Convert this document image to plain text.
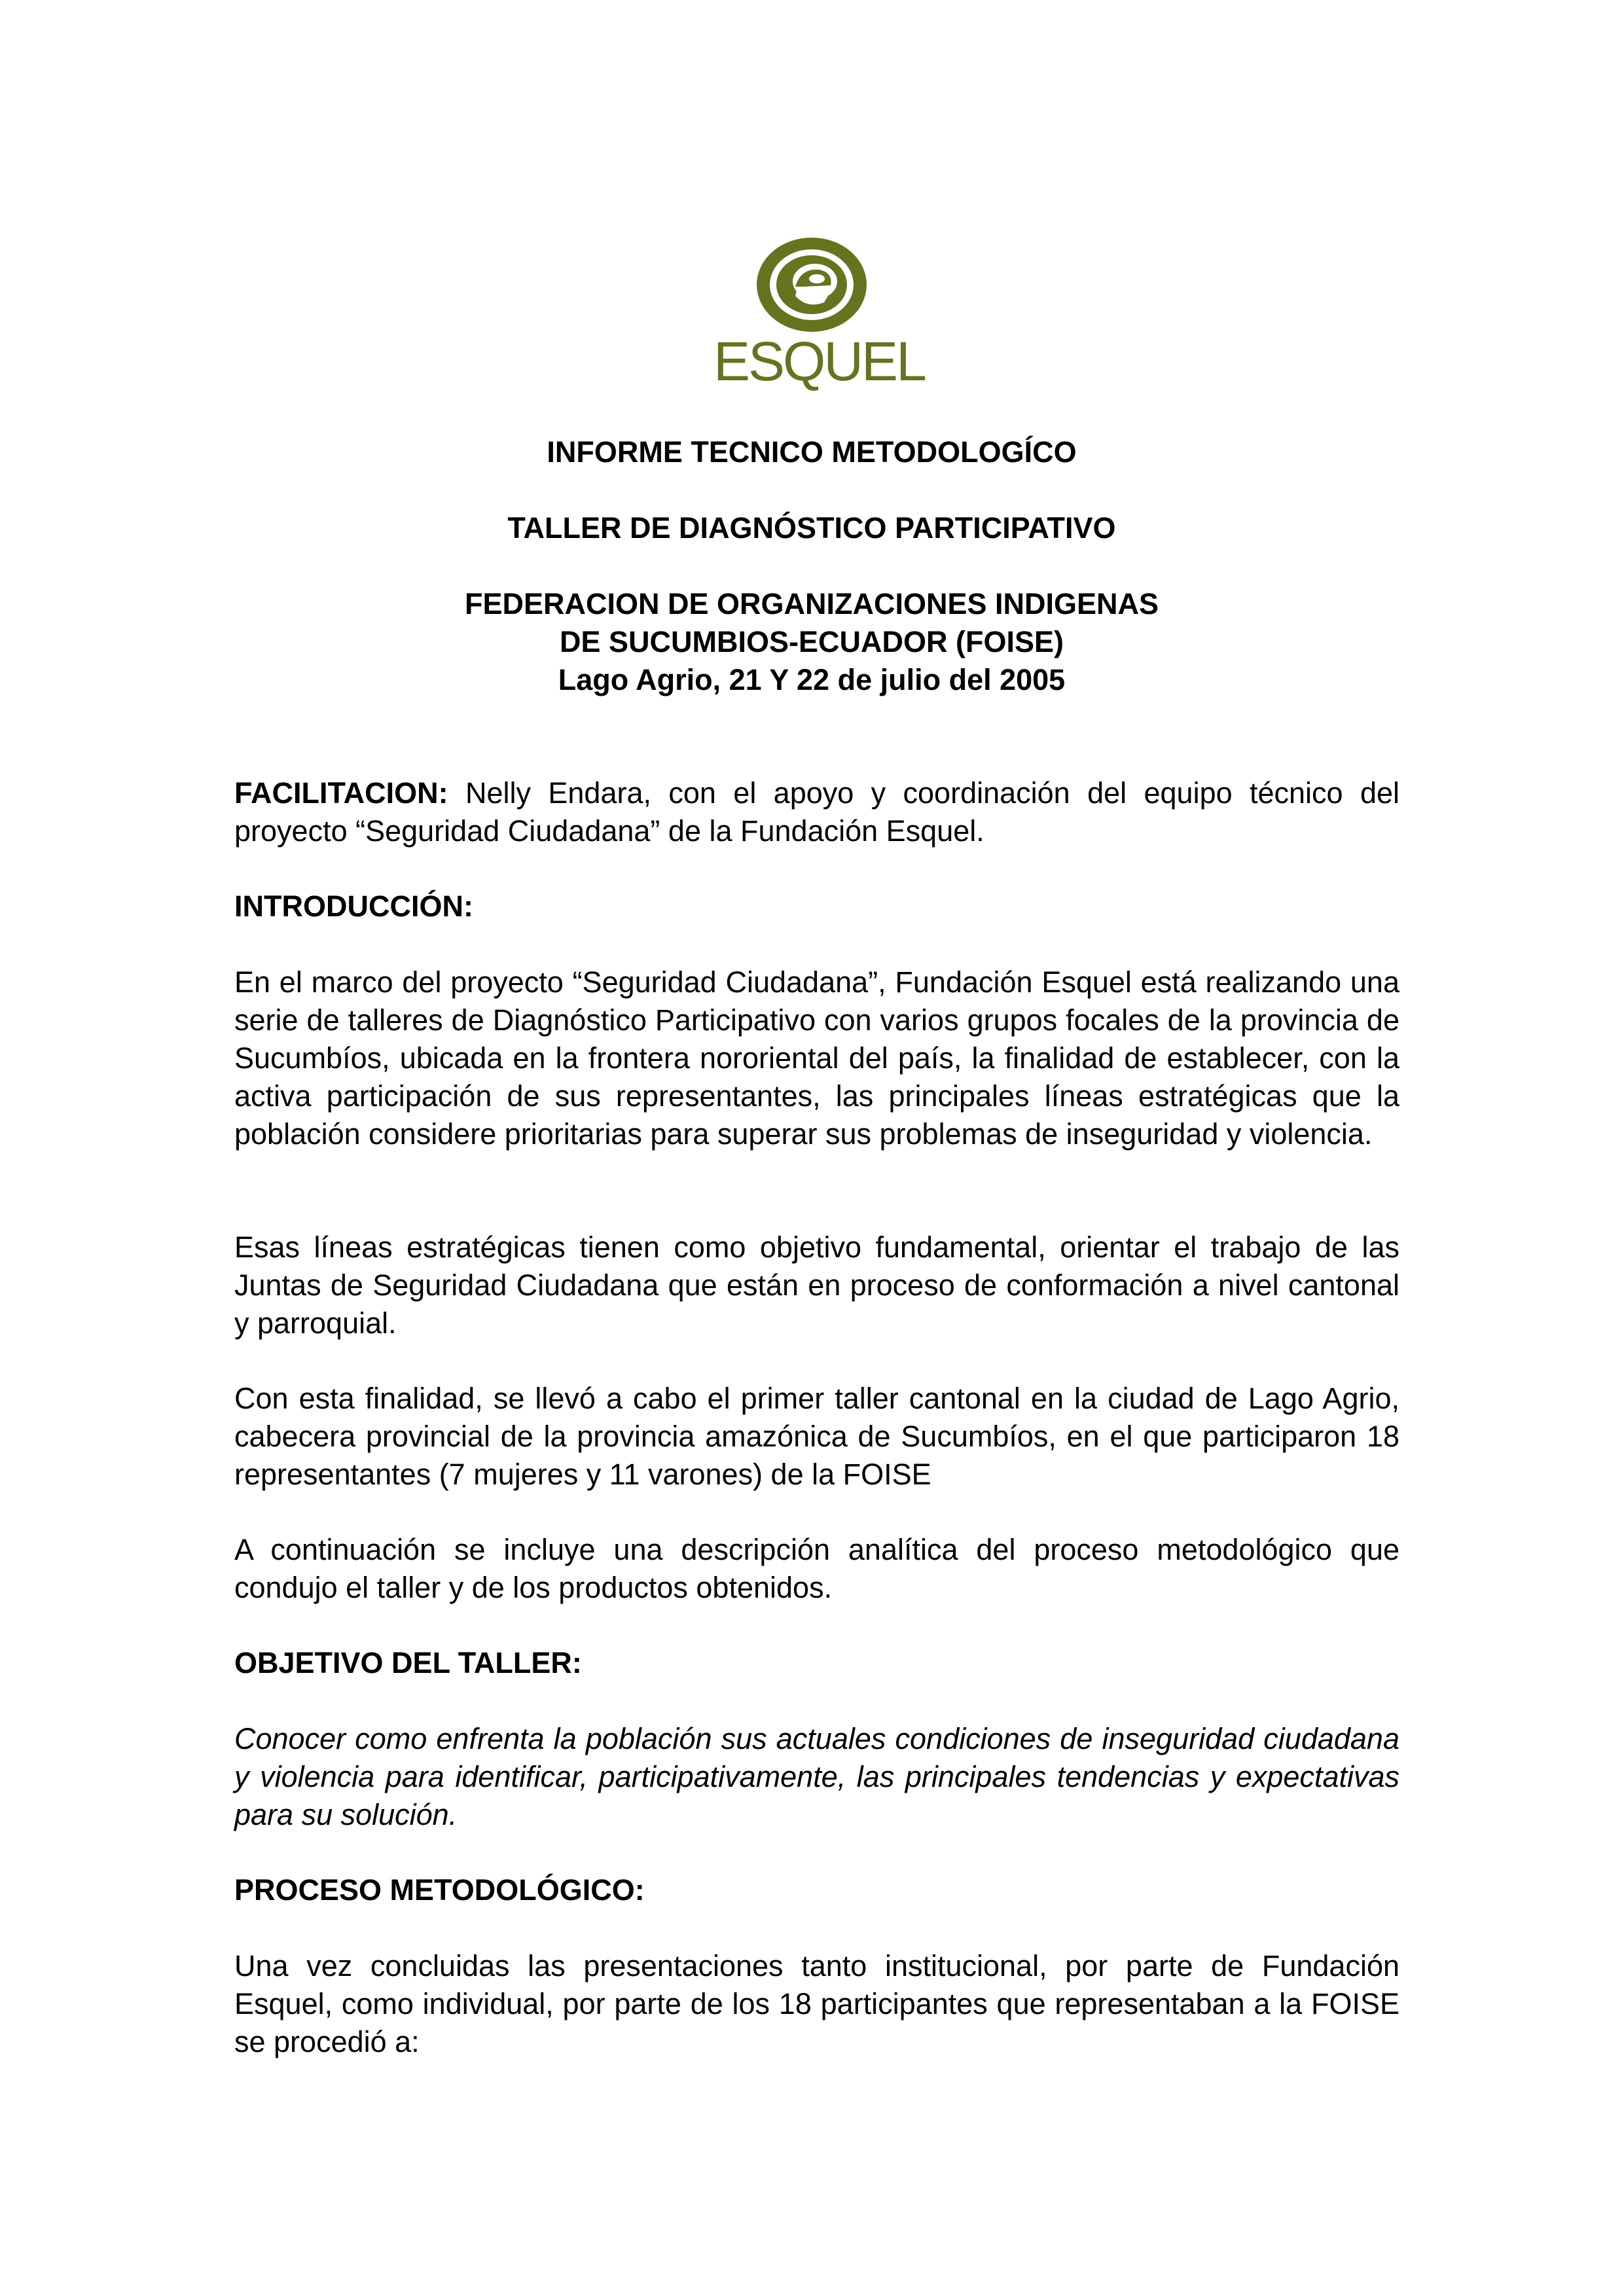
ESQUEL
INFORME TECNICO METODOLOGÍCO
TALLER DE DIAGNÓSTICO PARTICIPATIVO
FEDERACION DE ORGANIZACIONES INDIGENAS
DE SUCUMBIOS-ECUADOR (FOISE)
Lago Agrio, 21 Y 22 de julio del 2005
FACILITACION: Nelly Endara, con el apoyo y coordinación del equipo técnico del proyecto “Seguridad Ciudadana” de la Fundación Esquel.
INTRODUCCIÓN:
En el marco del proyecto “Seguridad Ciudadana”, Fundación Esquel está realizando una serie de talleres de Diagnóstico Participativo con varios grupos focales de la provincia de Sucumbíos, ubicada en la frontera nororiental del país, la finalidad de establecer, con la activa participación de sus representantes, las principales líneas estratégicas que la población considere prioritarias para superar sus problemas de inseguridad y violencia.
Esas líneas estratégicas tienen como objetivo fundamental, orientar el trabajo de las Juntas de Seguridad Ciudadana que están en proceso de conformación a nivel cantonal y parroquial.
Con esta finalidad, se llevó a cabo el primer taller cantonal en la ciudad de Lago Agrio, cabecera provincial de la provincia amazónica de Sucumbíos, en el que participaron 18 representantes (7 mujeres y 11 varones) de la FOISE
A continuación se incluye una descripción analítica del proceso metodológico que condujo el taller y de los productos obtenidos.
OBJETIVO DEL TALLER:
Conocer como enfrenta la población sus actuales condiciones de inseguridad ciudadana y violencia para identificar, participativamente, las principales tendencias y expectativas para su solución.
PROCESO METODOLÓGICO:
Una vez concluidas las presentaciones tanto institucional, por parte de Fundación Esquel, como individual, por parte de los 18 participantes que representaban a la FOISE se procedió a:
